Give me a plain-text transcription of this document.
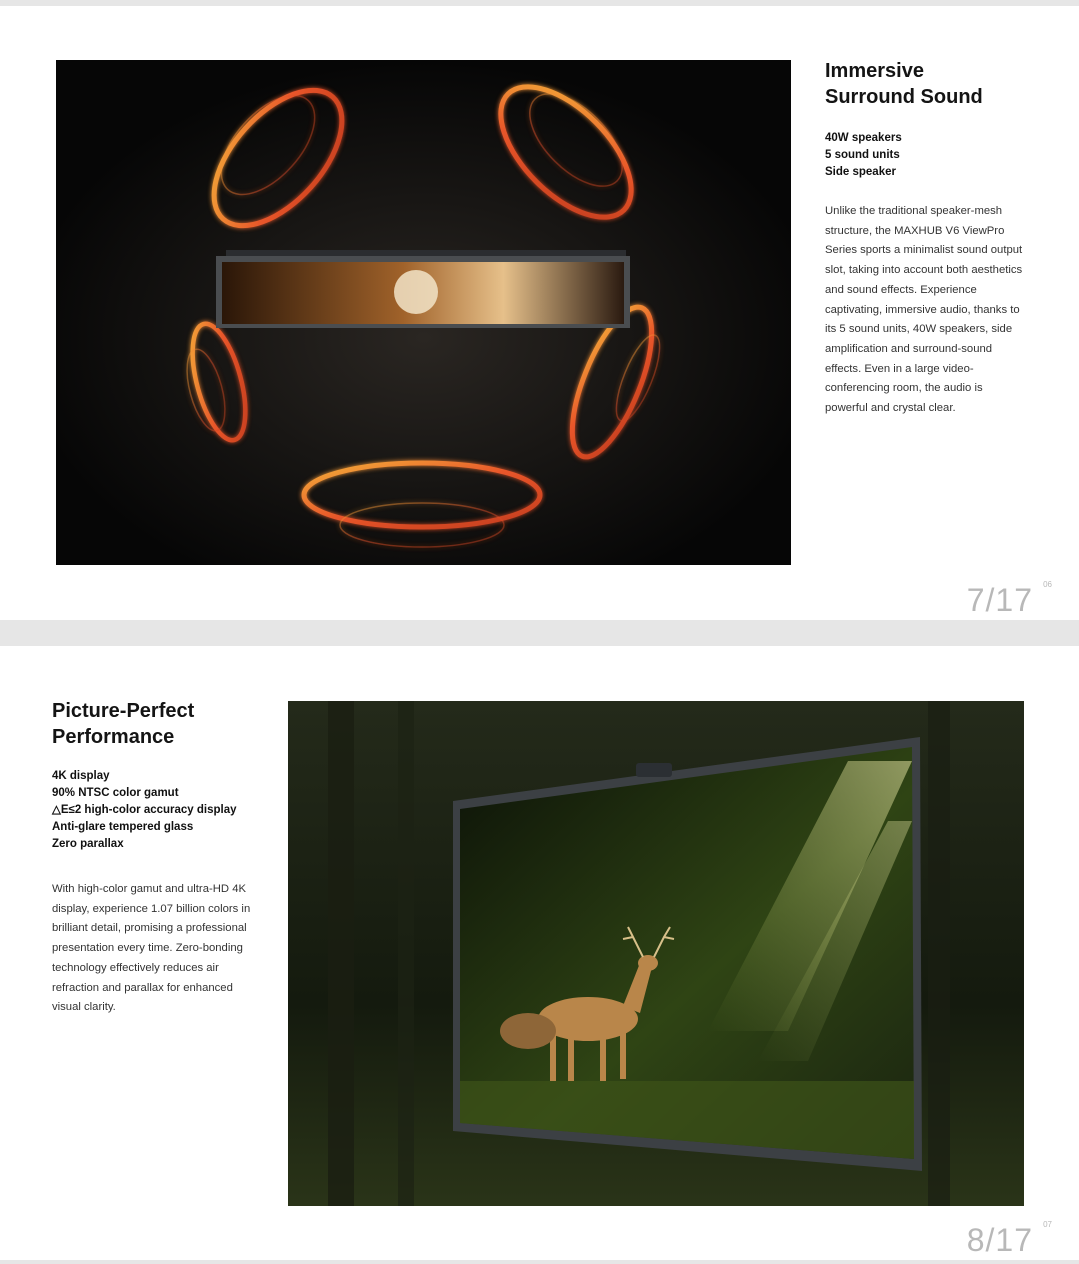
Immersive
Surround Sound
40W speakers
5 sound units
Side speaker

Unlike the traditional speaker-mesh structure, the MAXHUB V6 ViewPro Series sports a minimalist sound output slot, taking into account both aesthetics and sound effects. Experience captivating, immersive audio, thanks to its 5 sound units, 40W speakers, side amplification and surround-sound effects. Even in a large video-conferencing room, the audio is powerful and crystal clear.

7/17 06
Picture-Perfect
Performance
4K display
90% NTSC color gamut
△E≤2 high-color accuracy display
Anti-glare tempered glass
Zero parallax

With high-color gamut and ultra-HD 4K display, experience 1.07 billion colors in brilliant detail, promising a professional presentation every time. Zero-bonding technology effectively reduces air refraction and parallax for enhanced visual clarity.

8/17 07
